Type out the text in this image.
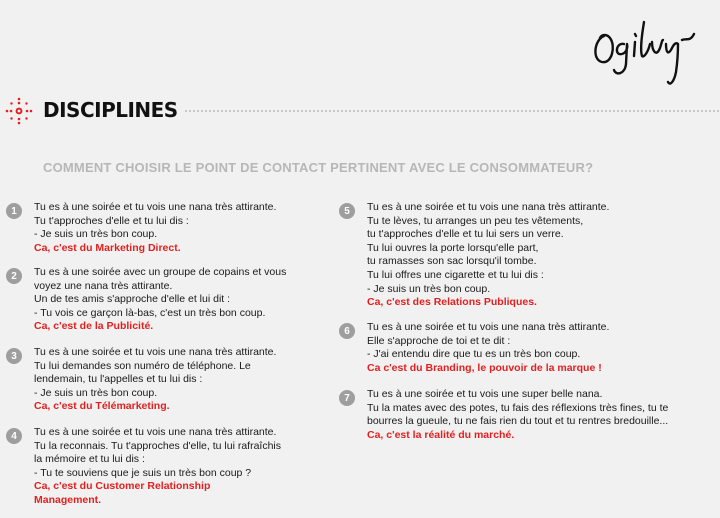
DISCIPLINES
COMMENT CHOISIR LE POINT DE CONTACT PERTINENT AVEC LE CONSOMMATEUR?
1	Tu es à une soirée et tu vois une nana très attirante.
Tu t'approches d'elle et tu lui dis :
- Je suis un très bon coup.
Ca, c'est du Marketing Direct.
2	Tu es à une soirée avec un groupe de copains et vous
voyez une nana très attirante.
Un de tes amis s'approche d'elle et lui dit :
- Tu vois ce garçon là-bas, c'est un très bon coup.
Ca, c'est de la Publicité.
3	Tu es à une soirée et tu vois une nana très attirante.
Tu lui demandes son numéro de téléphone. Le
lendemain, tu l'appelles et tu lui dis :
- Je suis un très bon coup.
Ca, c'est du Télémarketing.
4	Tu es à une soirée et tu vois une nana très attirante.
Tu la reconnais. Tu t'approches d'elle, tu lui rafraîchis
la mémoire et tu lui dis :
- Tu te souviens que je suis un très bon coup ?
Ca, c'est du Customer Relationship
Management.
5	Tu es à une soirée et tu vois une nana très attirante.
Tu te lèves, tu arranges un peu tes vêtements,
tu t'approches d'elle et tu lui sers un verre.
Tu lui ouvres la porte lorsqu'elle part,
tu ramasses son sac lorsqu'il tombe.
Tu lui offres une cigarette et tu lui dis :
- Je suis un très bon coup.
Ca, c'est des Relations Publiques.
6	Tu es à une soirée et tu vois une nana très attirante.
Elle s'approche de toi et te dit :
- J'ai entendu dire que tu es un très bon coup.
Ca c'est du Branding, le pouvoir de la marque !
7	Tu es à une soirée et tu vois une super belle nana.
Tu la mates avec des potes, tu fais des réflexions très fines, tu te
bourres la gueule, tu ne fais rien du tout et tu rentres bredouille...
Ca, c'est la réalité du marché.
